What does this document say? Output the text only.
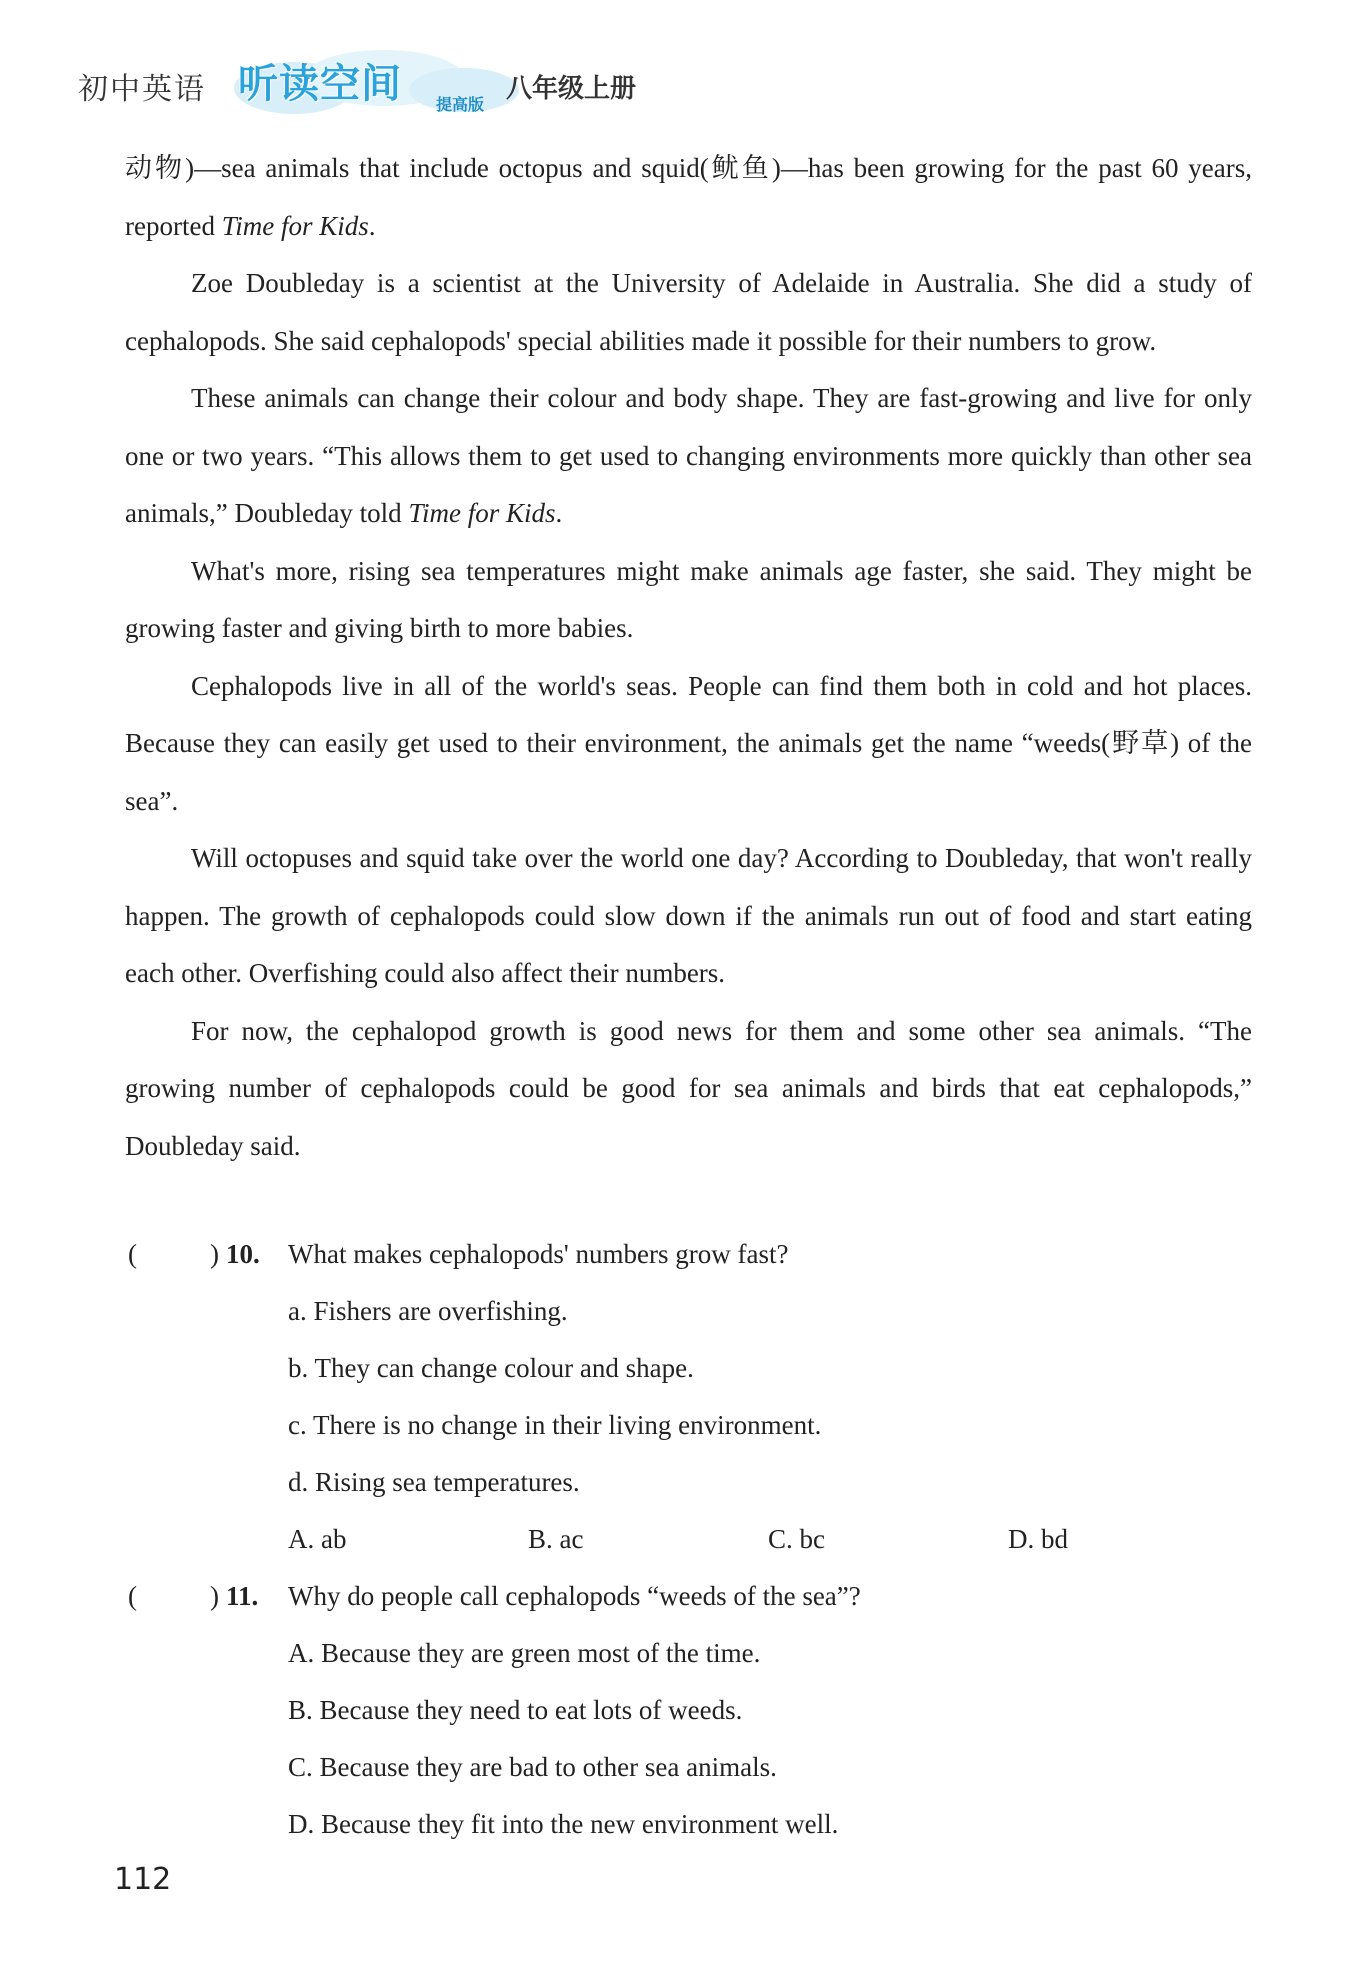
初中英语 听读空间 提高版
八年级上册

动物)—sea animals that include octopus and squid(鱿鱼)—has been growing for the past 60 years, reported Time for Kids.

Zoe Doubleday is a scientist at the University of Adelaide in Australia. She did a study of cephalopods. She said cephalopods' special abilities made it possible for their numbers to grow.

These animals can change their colour and body shape. They are fast-growing and live for only one or two years. “This allows them to get used to changing environments more quickly than other sea animals,” Doubleday told Time for Kids.

What's more, rising sea temperatures might make animals age faster, she said. They might be growing faster and giving birth to more babies.

Cephalopods live in all of the world's seas. People can find them both in cold and hot places. Because they can easily get used to their environment, the animals get the name “weeds(野草) of the sea”.

Will octopuses and squid take over the world one day? According to Doubleday, that won't really happen. The growth of cephalopods could slow down if the animals run out of food and start eating each other. Overfishing could also affect their numbers.

For now, the cephalopod growth is good news for them and some other sea animals. “The growing number of cephalopods could be good for sea animals and birds that eat cephalopods,” Doubleday said.

(	) 10. What makes cephalopods' numbers grow fast?
a. Fishers are overfishing.
b. They can change colour and shape.
c. There is no change in their living environment.
d. Rising sea temperatures.
A. ab	B. ac	C. bc	D. bd
(	) 11. Why do people call cephalopods “weeds of the sea”?
A. Because they are green most of the time.
B. Because they need to eat lots of weeds.
C. Because they are bad to other sea animals.
D. Because they fit into the new environment well.
112
